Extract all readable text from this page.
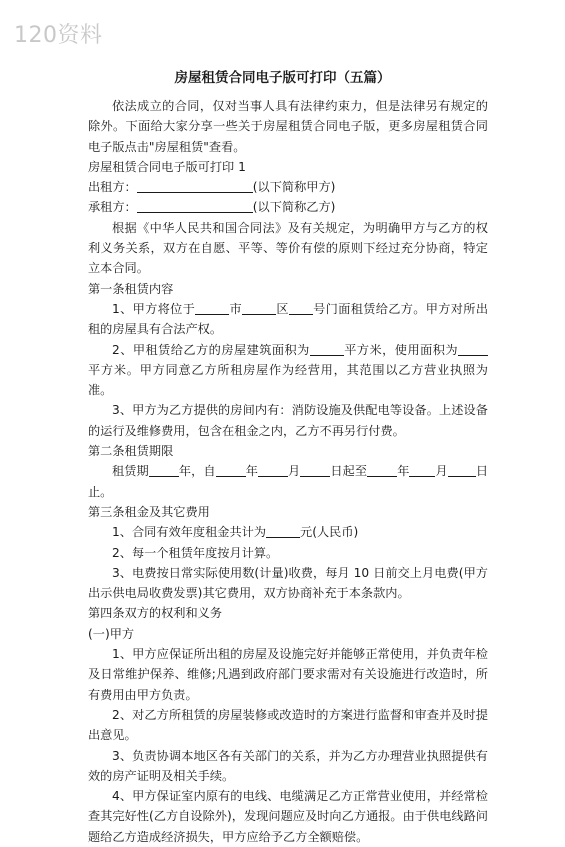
120资料
房屋租赁合同电子版可打印（五篇）

依法成立的合同，仅对当事人具有法律约束力，但是法律另有规定的除外。下面给大家分享一些关于房屋租赁合同电子版，更多房屋租赁合同电子版点击"房屋租赁"查看。

房屋租赁合同电子版可打印 1

出租方：	(以下简称甲方)

承租方：	(以下简称乙方)

根据《中华人民共和国合同法》及有关规定，为明确甲方与乙方的权利义务关系，双方在自愿、平等、等价有偿的原则下经过充分协商，特定立本合同。

第一条租赁内容

1、甲方将位于	市	区 号门面租赁给乙方。甲方对所出租的房屋具有合法产权。

2、甲租赁给乙方的房屋建筑面积为	平方米，使用面积为平方米。甲方同意乙方所租房屋作为经营用，其范围以乙方营业执照为准。

3、甲方为乙方提供的房间内有：消防设施及供配电等设备。上述设备的运行及维修费用，包含在租金之内，乙方不再另行付费。

第二条租赁期限

租赁期 年，自 年 月 日起至 年 月 日止。

第三条租金及其它费用

1、合同有效年度租金共计为	元(人民币)

2、每一个租赁年度按月计算。

3、电费按日常实际使用数(计量)收费，每月 10 日前交上月电费(甲方出示供电局收费发票)其它费用，双方协商补充于本条款内。

第四条双方的权利和义务

(一)甲方

1、甲方应保证所出租的房屋及设施完好并能够正常使用，并负责年检及日常维护保养、维修;凡遇到政府部门要求需对有关设施进行改造时，所有费用由甲方负责。

2、对乙方所租赁的房屋装修或改造时的方案进行监督和审查并及时提出意见。

3、负责协调本地区各有关部门的关系，并为乙方办理营业执照提供有效的房产证明及相关手续。

4、甲方保证室内原有的电线、电缆满足乙方正常营业使用，并经常检查其完好性(乙方自设除外)，发现问题应及时向乙方通报。由于供电线路问题给乙方造成经济损失，甲方应给予乙方全额赔偿。
